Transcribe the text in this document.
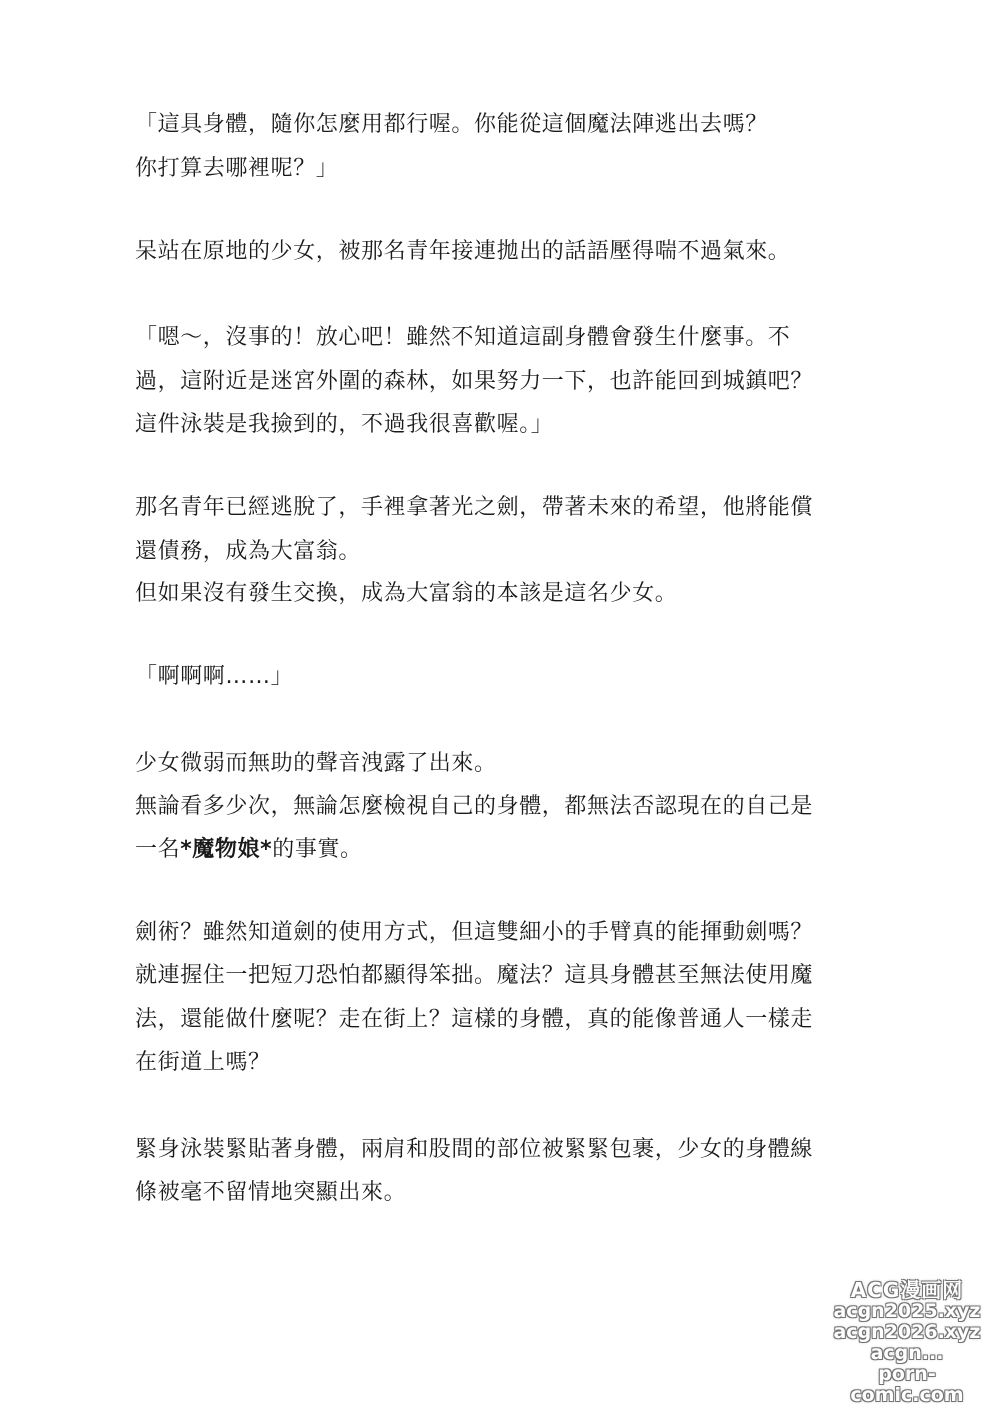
「這具身體，隨你怎麼用都行喔。你能從這個魔法陣逃出去嗎？
你打算去哪裡呢？」
呆站在原地的少女，被那名青年接連拋出的話語壓得喘不過氣來。
「嗯～，沒事的！放心吧！雖然不知道這副身體會發生什麼事。不
過，這附近是迷宮外圍的森林，如果努力一下，也許能回到城鎮吧？
這件泳裝是我撿到的，不過我很喜歡喔。」
那名青年已經逃脫了，手裡拿著光之劍，帶著未來的希望，他將能償
還債務，成為大富翁。
但如果沒有發生交換，成為大富翁的本該是這名少女。
「啊啊啊……」
少女微弱而無助的聲音洩露了出來。
無論看多少次，無論怎麼檢視自己的身體，都無法否認現在的自己是
一名*魔物娘*的事實。
劍術？雖然知道劍的使用方式，但這雙細小的手臂真的能揮動劍嗎？
就連握住一把短刀恐怕都顯得笨拙。魔法？這具身體甚至無法使用魔
法，還能做什麼呢？走在街上？這樣的身體，真的能像普通人一樣走
在街道上嗎？
緊身泳裝緊貼著身體，兩肩和股間的部位被緊緊包裹，少女的身體線
條被毫不留情地突顯出來。
ACG漫画网
acgn2025.xyz
acgn2026.xyz
acgn...
porn-comic.com
